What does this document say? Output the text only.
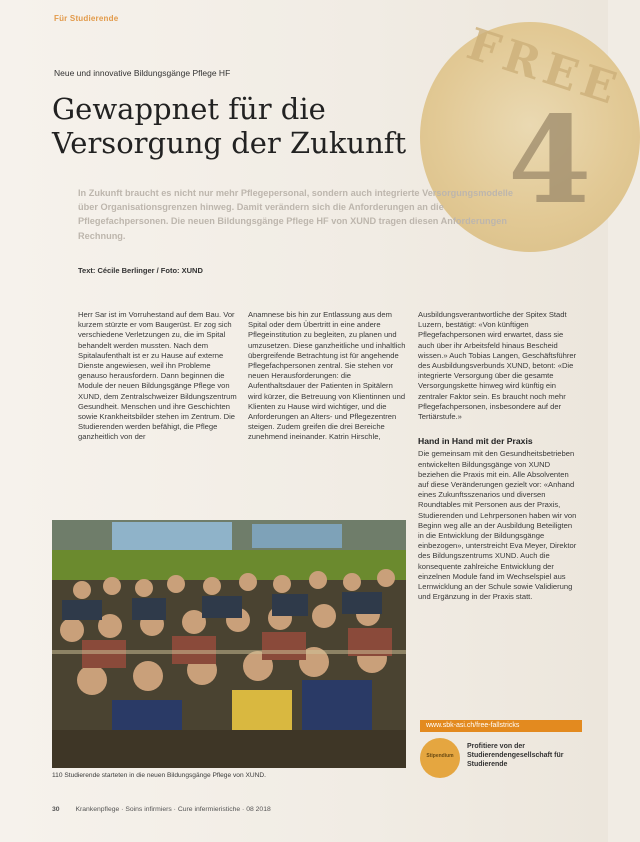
FREE
4
Für Studierende
Neue und innovative Bildungsgänge Pflege HF
Gewappnet für die Versorgung der Zukunft
In Zukunft braucht es nicht nur mehr Pflegepersonal, sondern auch integrierte Versorgungsmodelle über Organisationsgrenzen hinweg. Damit verändern sich die Anforderungen an die Pflegefachpersonen. Die neuen Bildungsgänge Pflege HF von XUND tragen diesen Anforderungen Rechnung.
Text: Cécile Berlinger / Foto: XUND

Herr Sar ist im Vorruhestand auf dem Bau. Vor kurzem stürzte er vom Baugerüst. Er zog sich verschiedene Verletzungen zu, die im Spital behandelt werden mussten. Nach dem Spitalaufenthalt ist er zu Hause auf externe Dienste angewiesen, weil ihn Probleme genauso herausfordern. Dann beginnen die Module der neuen Bildungsgänge Pflege von XUND, dem Zentralschweizer Bildungszentrum Gesundheit. Menschen und ihre Geschichten sowie Krankheitsbilder stehen im Zentrum. Die Studierenden werden befähigt, die Pflege ganzheitlich von der

Anamnese bis hin zur Entlassung aus dem Spital oder dem Übertritt in eine andere Pflegeinstitution zu begleiten, zu planen und umzusetzen. Diese ganzheitliche und inhaltlich übergreifende Betrachtung ist für angehende Pflegefachpersonen zentral. Sie stehen vor neuen Herausforderungen: die Aufenthaltsdauer der Patienten in Spitälern wird kürzer, die Betreuung von Klientinnen und Klienten zu Hause wird wichtiger, und die Anforderungen an Alters- und Pflegezentren steigen. Zudem greifen die drei Bereiche zunehmend ineinander. Katrin Hirschle,

Ausbildungsverantwortliche der Spitex Stadt Luzern, bestätigt: «Von künftigen Pflegefachpersonen wird erwartet, dass sie auch über ihr Arbeitsfeld hinaus Bescheid wissen.» Auch Tobias Langen, Geschäftsführer des Ausbildungsverbunds XUND, betont: «Die integrierte Versorgung über die gesamte Versorgungskette hinweg wird künftig ein zentraler Faktor sein. Es braucht noch mehr Pflegefachpersonen, insbesondere auf der Tertiärstufe.»

Hand in Hand mit der Praxis

Die gemeinsam mit den Gesundheitsbetrieben entwickelten Bildungsgänge von XUND beziehen die Praxis mit ein. Alle Absolventen auf diese Veränderungen gezielt vor: «Anhand eines Zukunftsszenarios und diversen Roundtables mit Personen aus der Praxis, Studierenden und Lehrpersonen haben wir von Beginn weg alle an der Ausbildung Beteiligten in die Entwicklung der Bildungsgänge einbezogen», unterstreicht Eva Meyer, Direktor des Bildungszentrums XUND. Auch die konsequente zahlreiche Entwicklung der einzelnen Module fand im Wechselspiel aus Lernwicklung an der Schule sowie Validierung und Ergänzung in der Praxis statt.

110 Studierende starteten in die neuen Bildungsgänge Pflege von XUND.
www.sbk-asi.ch/free-fallstricks
Stipendium
Profitiere von der Studierendengesellschaft für Studierende
30 Krankenpflege · Soins infirmiers · Cure infermieristiche · 08 2018
